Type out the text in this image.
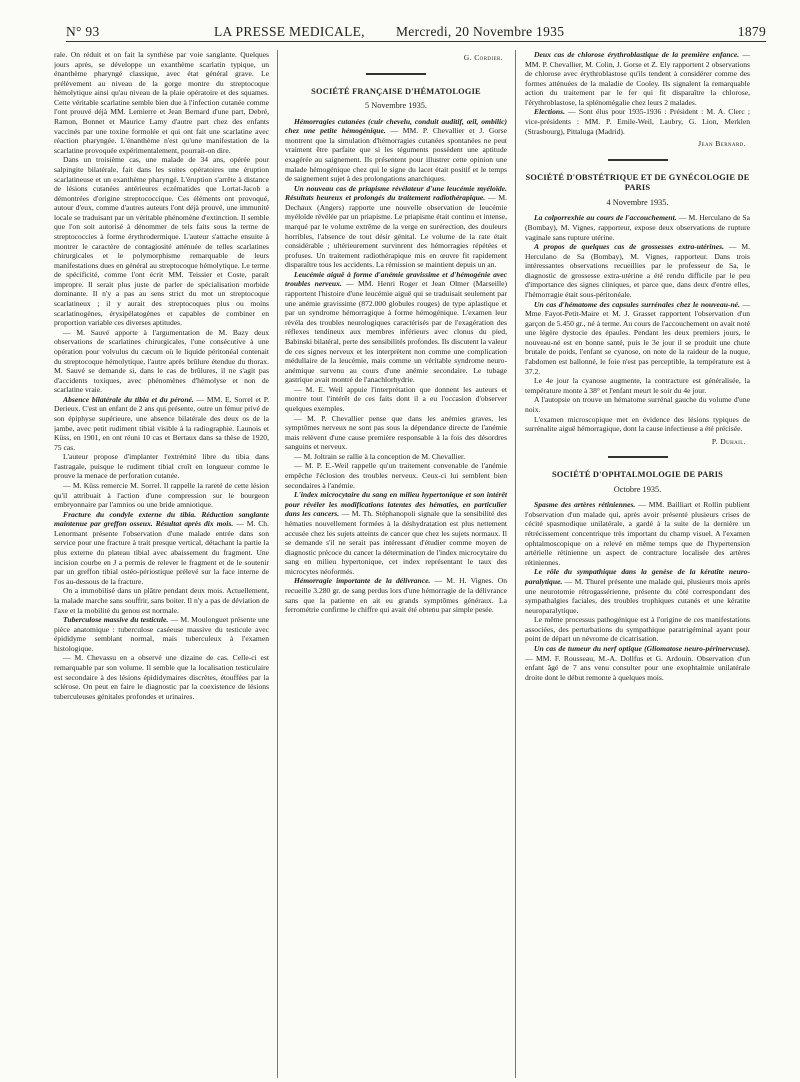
N° 93	LA PRESSE MEDICALE, Mercredi, 20 Novembre 1935	1879

rale. On réduit et on fait la synthèse par voie sanglante. Quelques jours après, se développe un exanthème scarlatin typique, un énanthème pharyngé classique, avec état général grave. Le prélèvement au niveau de la gorge montre du streptocoque hémolytique ainsi qu'au niveau de la plaie opératoire et des squames. Cette véritable scarlatine semble bien due à l'infection cutanée comme l'ont prouvé déjà MM. Lemierre et Jean Bernard d'une part, Debré, Ramon, Bonnet et Maurice Lamy d'autre part chez des enfants vaccinés par une toxine formolée et qui ont fait une scarlatine avec réaction pharyngée. L'énanthème n'est qu'une manifestation de la scarlatine provoquée expérimentalement, pourrait-on dire.

Dans un troisième cas, une malade de 34 ans, opérée pour salpingite bilatérale, fait dans les suites opératoires une éruption scarlatineuse et un exanthème pharyngé. L'éruption s'arrête à distance de lésions cutanées antérieures eczématides que Lortat-Jacob a démontrées d'origine streptococcique. Ces éléments ont provoqué, autour d'eux, comme d'autres auteurs l'ont déjà prouvé, une immunité locale se traduisant par un véritable phénomène d'extinction. Il semble que l'on soit autorisé à dénommer de tels faits sous la terme de streptococcies à forme érythrodermique. L'auteur s'attache ensuite à montrer le caractère de contagiosité atténuée de telles scarlatines chirurgicales et le polymorphisme remarquable de leurs manifestations dues en général au streptocoque hémolytique. Le terme de spécificité, comme l'ont écrit MM. Teissier et Coste, paraît impropre. Il serait plus juste de parler de spécialisation morbide dominante. Il n'y a pas au sens strict du mot un streptocoque scarlatineux ; il y aurait des streptocoques plus ou moins scarlatinogènes, érysipélatogènes et capables de combiner en proportion variable ces diverses aptitudes.

— M. Sauvé apporte à l'argumentation de M. Bazy deux observations de scarlatines chirurgicales, l'une consécutive à une opération pour volvulus du cæcum où le liquide péritonéal contenait du streptocoque hémolytique, l'autre après brûlure étendue du thorax. M. Sauvé se demande si, dans le cas de brûlures, il ne s'agit pas d'accidents toxiques, avec phénomènes d'hémolyse et non de scarlatine vraie.

Absence bilatérale du tibia et du péroné. — MM. E. Sorrel et P. Derieux. C'est un enfant de 2 ans qui présente, outre un fémur privé de son épiphyse supérieure, une absence bilatérale des deux os de la jambe, avec petit rudiment tibial visible à la radiographie. Launois et Küss, en 1901, en ont réuni 10 cas et Bertaux dans sa thèse de 1920, 75 cas.

L'auteur propose d'implanter l'extrémité libre du tibia dans l'astragale, puisque le rudiment tibial croît en longueur comme le prouve la menace de perforation cutanée.

— M. Küss remercie M. Sorrel. Il rappelle la rareté de cette lésion qu'il attribuait à l'action d'une compression sur le bourgeon embryonnaire par l'amnios ou une bride amniotique.

Fracture du condyle externe du tibia. Réduction sanglante maintenue par greffon osseux. Résultat après dix mois. — M. Ch. Lenormant présente l'observation d'une malade entrée dans son service pour une fracture à trait presque vertical, détachant la partie la plus externe du plateau tibial avec abaissement du fragment. Une incision courbe en J a permis de relever le fragment et de le soutenir par un greffon tibial ostéo-périostique prélevé sur la face interne de l'os au-dessous de la fracture.

On a immobilisé dans un plâtre pendant deux mois. Actuellement, la malade marche sans souffrir, sans boiter. Il n'y a pas de déviation de l'axe et la mobilité du genou est normale.

Tuberculose massive du testicule. — M. Moulonguet présente une pièce anatomique : tuberculose caséeuse massive du testicule avec épididyme semblant normal, mais tuberculeux à l'examen histologique.

— M. Chevassu en a observé une dizaine de cas. Celle-ci est remarquable par son volume. Il semble que la localisation testiculaire est secondaire à des lésions épididymaires discrètes, étouffées par la sclérose. On peut en faire le diagnostic par la coexistence de lésions tuberculeuses génitales profondes et urinaires.

G. Cordier.

SOCIÉTÉ FRANÇAISE D'HÉMATOLOGIE

5 Novembre 1935.

Hémorragies cutanées (cuir chevelu, conduit auditif, œil, ombilic) chez une petite hémogénique. — MM. P. Chevallier et J. Gorse montrent que la simulation d'hémorragies cutanées spontanées ne peut vraiment être parfaite que si les téguments possèdent une aptitude exagérée au saignement. Ils présentent pour illustrer cette opinion une malade hémogénique chez qui le signe du lacet était positif et le temps de saignement sujet à des prolongations anarchiques.

Un nouveau cas de priapisme révélateur d'une leucémie myéloïde. Résultats heureux et prolongés du traitement radiothérapique. — M. Dechaux (Angers) rapporte une nouvelle observation de leucémie myéloïde révélée par un priapisme. Le priapisme était continu et intense, marqué par le volume extrême de la verge en surérection, des douleurs horribles, l'absence de tout désir génital. Le volume de la rate était considérable ; ultérieurement survinrent des hémorragies répétées et profuses. Un traitement radiothérapique mis en œuvre fit rapidement disparaître tous les accidents. La rémission se maintient depuis un an.

Leucémie aiguë à forme d'anémie gravissime et d'hémogénie avec troubles nerveux. — MM. Henri Roger et Jean Olmer (Marseille) rapportent l'histoire d'une leucémie aiguë qui se traduisait seulement par une anémie gravissime (872.000 globules rouges) de type aplastique et par un syndrome hémorragique à forme hémogénique. L'examen leur révéla des troubles neurologiques caractérisés par de l'exagération des réflexes tendineux aux membres inférieurs avec clonus du pied, Babinski bilatéral, perte des sensibilités profondes. Ils discutent la valeur de ces signes nerveux et les interprètent non comme une complication médullaire de la leucémie, mais comme un véritable syndrome neuro-anémique survenu au cours d'une anémie secondaire. Le tubage gastrique avait montré de l'anachlorhydrie.

— M. E. Weil appuie l'interprétation que donnent les auteurs et montre tout l'intérêt de ces faits dont il a eu l'occasion d'observer quelques exemples.

— M. P. Chevallier pense que dans les anémies graves, les symptômes nerveux ne sont pas sous la dépendance directe de l'anémie mais relèvent d'une cause première responsable à la fois des désordres sanguins et nerveux.

— M. Joltrain se rallie à la conception de M. Chevallier.

— M. P. E.-Weil rappelle qu'un traitement convenable de l'anémie empêche l'éclosion des troubles nerveux. Ceux-ci lui semblent bien secondaires à l'anémie.

L'index microcytaire du sang en milieu hypertonique et son intérêt pour révéler les modifications latentes des hématies, en particulier dans les cancers. — M. Th. Stéphanopoli signale que la sensibilité des hématies nouvellement formées à la déshydratation est plus nettement accusée chez les sujets atteints de cancer que chez les sujets normaux. Il se demande s'il ne serait pas intéressant d'étudier comme moyen de diagnostic précoce du cancer la détermination de l'index microcytaire du sang en milieu hypertonique, cet index représentant le taux des microcytes néoformés.

Hémorragie importante de la délivrance. — M. H. Vignes. On recueille 3.280 gr. de sang perdus lors d'une hémorragie de la délivrance sans que la patiente en ait eu grands symptômes généraux. La ferrométrie confirme le chiffre qui avait été obtenu par simple pesée.

Deux cas de chlorose érythroblastique de la première enfance. — MM. P. Chevallier, M. Colin, J. Gorse et Z. Ely rapportent 2 observations de chlorose avec érythroblastose qu'ils tendent à considérer comme des formes atténuées de la maladie de Cooley. Ils signalent la remarquable action du traitement par le fer qui fit disparaître la chlorose, l'érythroblastose, la splénomégalie chez leurs 2 malades.

Elections. — Sont élus pour 1935-1936 : Président : M. A. Clerc ; vice-présidents : MM. P. Emile-Weil, Laubry, G. Lion, Merklen (Strasbourg), Pittaluga (Madrid).

Jean Bernard.

SOCIÉTÉ D'OBSTÉTRIQUE ET DE GYNÉCOLOGIE DE PARIS

4 Novembre 1935.

La colporrexhie au cours de l'accouchement. — M. Herculano de Sa (Bombay), M. Vignes, rapporteur, expose deux observations de rupture vaginale sans rupture utérine.

A propos de quelques cas de grossesses extra-utérines. — M. Herculano de Sa (Bombay), M. Vignes, rapporteur. Dans trois intéressantes observations recueillies par le professeur de Sa, le diagnostic de grossesse extra-utérine a été rendu difficile par le peu d'importance des signes cliniques, et parce que, dans deux d'entre elles, l'hémorragie était sous-péritonéale.

Un cas d'hématome des capsules surrénales chez le nouveau-né. — Mme Fayot-Petit-Maire et M. J. Grasset rapportent l'observation d'un garçon de 5.450 gr., né à terme. Au cours de l'accouchement on avait noté une légère dystocie des épaules. Pendant les deux premiers jours, le nouveau-né est en bonne santé, puis le 3e jour il se produit une chute brutale de poids, l'enfant se cyanose, on note de la raideur de la nuque, l'abdomen est ballonné, le foie n'est pas perceptible, la température est à 37.2.

Le 4e jour la cyanose augmente, la contracture est généralisée, la température monte à 38° et l'enfant meurt le soir du 4e jour.

A l'autopsie on trouve un hématome surrénal gauche du volume d'une noix.

L'examen microscopique met en évidence des lésions typiques de surrénalite aiguë hémorragique, dont la cause infectieuse a été précisée.

P. Duhail.

SOCIÉTÉ D'OPHTALMOLOGIE DE PARIS

Octobre 1935.

Spasme des artères rétiniennes. — MM. Bailliart et Rollin publient l'observation d'un malade qui, après avoir présenté plusieurs crises de cécité spasmodique unilatérale, a gardé à la suite de la dernière un rétrécissement concentrique très important du champ visuel. A l'examen ophtalmoscopique on a relevé en même temps que de l'hypertension artérielle rétinienne un aspect de contracture localisée des artères rétiniennes.

Le rôle du sympathique dans la genèse de la kératite neuro-paralytique. — M. Thurel présente une malade qui, plusieurs mois après une neurotomie rétrogassérienne, présente du côté correspondant des sympathalgies faciales, des troubles trophiques cutanés et une kératite neuroparalytique.

Le même processus pathogénique est à l'origine de ces manifestations associées, des perturbations du sympathique paratrigéminal ayant pour point de départ un névrome de cicatrisation.

Un cas de tumeur du nerf optique (Gliomatose neuro-périnervcuse). — MM. F. Rousseau, M.-A. Dollfus et G. Ardouin. Observation d'un enfant âgé de 7 ans venu consulter pour une exophtalmie unilatérale droite dont le début remonte à quelques mois.
